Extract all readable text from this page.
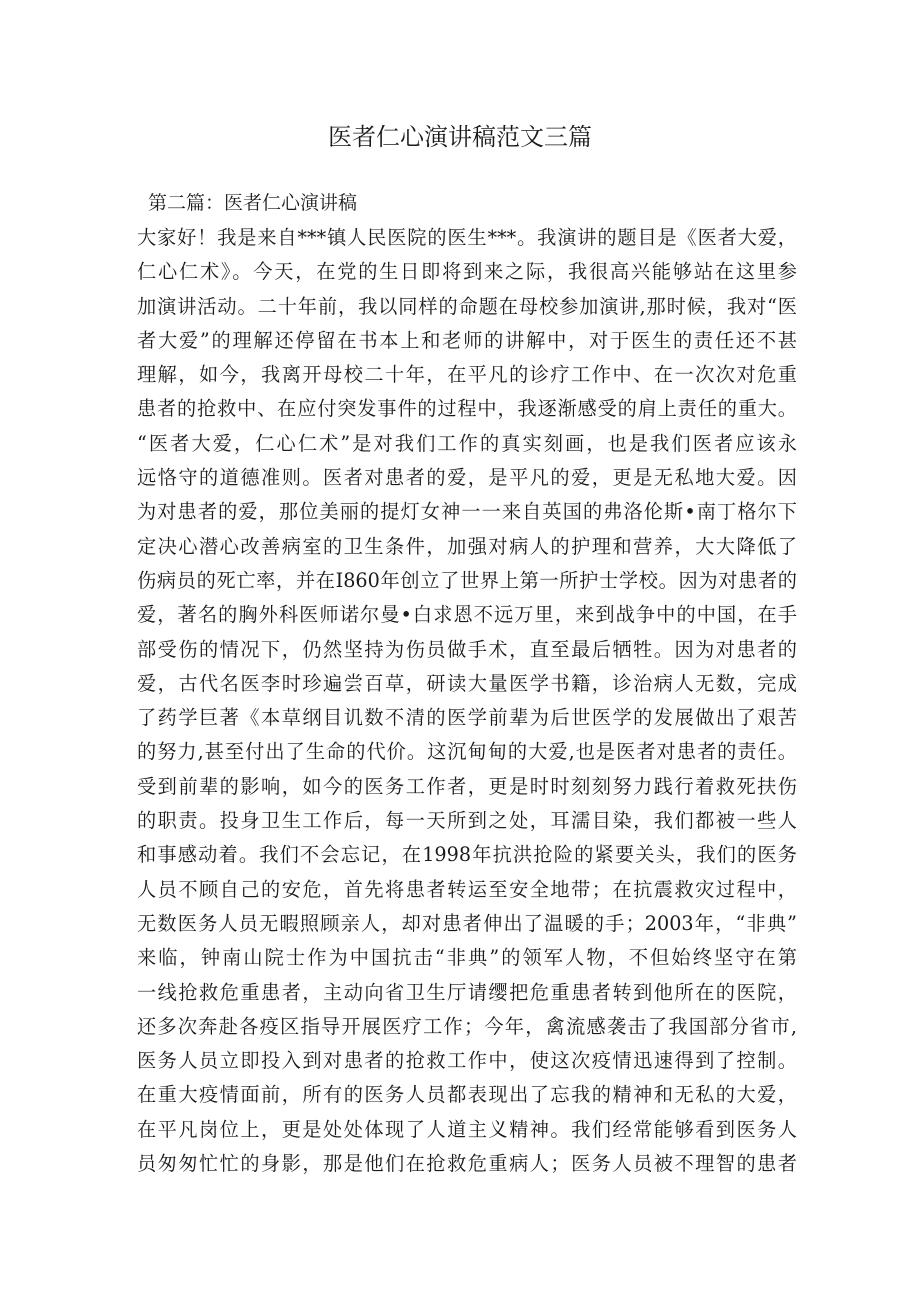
医者仁心演讲稿范文三篇
第二篇：医者仁心演讲稿
大家好！我是来自***镇人民医院的医生***。我演讲的题目是《医者大爱，
仁心仁术》。今天，在党的生日即将到来之际，我很高兴能够站在这里参
加演讲活动。二十年前，我以同样的命题在母校参加演讲,那时候，我对“医
者大爱”的理解还停留在书本上和老师的讲解中，对于医生的责任还不甚
理解，如今，我离开母校二十年，在平凡的诊疗工作中、在一次次对危重
患者的抢救中、在应付突发事件的过程中，我逐渐感受的肩上责任的重大。
“医者大爱，仁心仁术”是对我们工作的真实刻画，也是我们医者应该永
远恪守的道德准则。医者对患者的爱，是平凡的爱，更是无私地大爱。因
为对患者的爱，那位美丽的提灯女神一一来自英国的弗洛伦斯•南丁格尔下
定决心潜心改善病室的卫生条件，加强对病人的护理和营养，大大降低了
伤病员的死亡率，并在I860年创立了世界上第一所护士学校。因为对患者的
爱，著名的胸外科医师诺尔曼•白求恩不远万里，来到战争中的中国，在手
部受伤的情况下，仍然坚持为伤员做手术，直至最后牺牲。因为对患者的
爱，古代名医李时珍遍尝百草，研读大量医学书籍，诊治病人无数，完成
了药学巨著《本草纲目讥数不清的医学前辈为后世医学的发展做出了艰苦
的努力,甚至付出了生命的代价。这沉甸甸的大爱,也是医者对患者的责任。
受到前辈的影响，如今的医务工作者，更是时时刻刻努力践行着救死扶伤
的职责。投身卫生工作后，每一天所到之处，耳濡目染，我们都被一些人
和事感动着。我们不会忘记，在1998年抗洪抢险的紧要关头，我们的医务
人员不顾自己的安危，首先将患者转运至安全地带；在抗震救灾过程中，
无数医务人员无暇照顾亲人，却对患者伸出了温暖的手；2003年，“非典”
来临，钟南山院士作为中国抗击“非典”的领军人物，不但始终坚守在第
一线抢救危重患者，主动向省卫生厅请缨把危重患者转到他所在的医院，
还多次奔赴各疫区指导开展医疗工作；今年，禽流感袭击了我国部分省市,
医务人员立即投入到对患者的抢救工作中，使这次疫情迅速得到了控制。
在重大疫情面前，所有的医务人员都表现出了忘我的精神和无私的大爱，
在平凡岗位上，更是处处体现了人道主义精神。我们经常能够看到医务人
员匆匆忙忙的身影，那是他们在抢救危重病人；医务人员被不理智的患者
